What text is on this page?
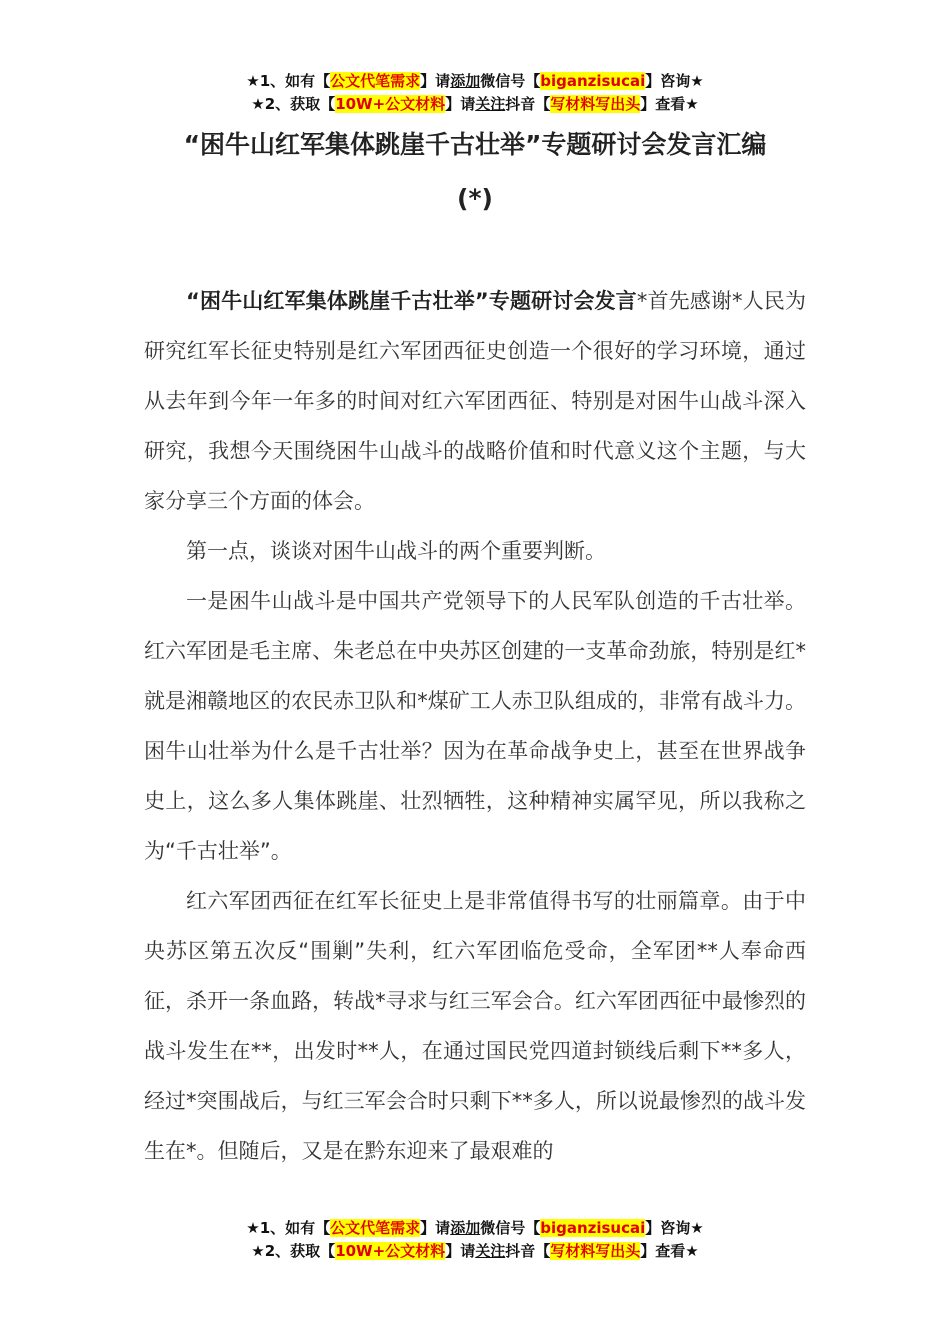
★1、如有【公文代笔需求】请添加微信号【biganzisucai】咨询★
★2、获取【10W+公文材料】请关注抖音【写材料写出头】查看★
“困牛山红军集体跳崖千古壮举”专题研讨会发言汇编
(*)

“困牛山红军集体跳崖千古壮举”专题研讨会发言*首先感谢*人民为研究红军长征史特别是红六军团西征史创造一个很好的学习环境，通过从去年到今年一年多的时间对红六军团西征、特别是对困牛山战斗深入研究，我想今天围绕困牛山战斗的战略价值和时代意义这个主题，与大家分享三个方面的体会。

第一点，谈谈对困牛山战斗的两个重要判断。

一是困牛山战斗是中国共产党领导下的人民军队创造的千古壮举。红六军团是毛主席、朱老总在中央苏区创建的一支革命劲旅，特别是红*就是湘赣地区的农民赤卫队和*煤矿工人赤卫队组成的，非常有战斗力。困牛山壮举为什么是千古壮举？因为在革命战争史上，甚至在世界战争史上，这么多人集体跳崖、壮烈牺牲，这种精神实属罕见，所以我称之为“千古壮举”。

红六军团西征在红军长征史上是非常值得书写的壮丽篇章。由于中央苏区第五次反“围剿”失利，红六军团临危受命，全军团**人奉命西征，杀开一条血路，转战*寻求与红三军会合。红六军团西征中最惨烈的战斗发生在**，出发时**人，在通过国民党四道封锁线后剩下**多人，经过*突围战后，与红三军会合时只剩下**多人，所以说最惨烈的战斗发生在*。但随后，又是在黔东迎来了最艰难的

★1、如有【公文代笔需求】请添加微信号【biganzisucai】咨询★
★2、获取【10W+公文材料】请关注抖音【写材料写出头】查看★
